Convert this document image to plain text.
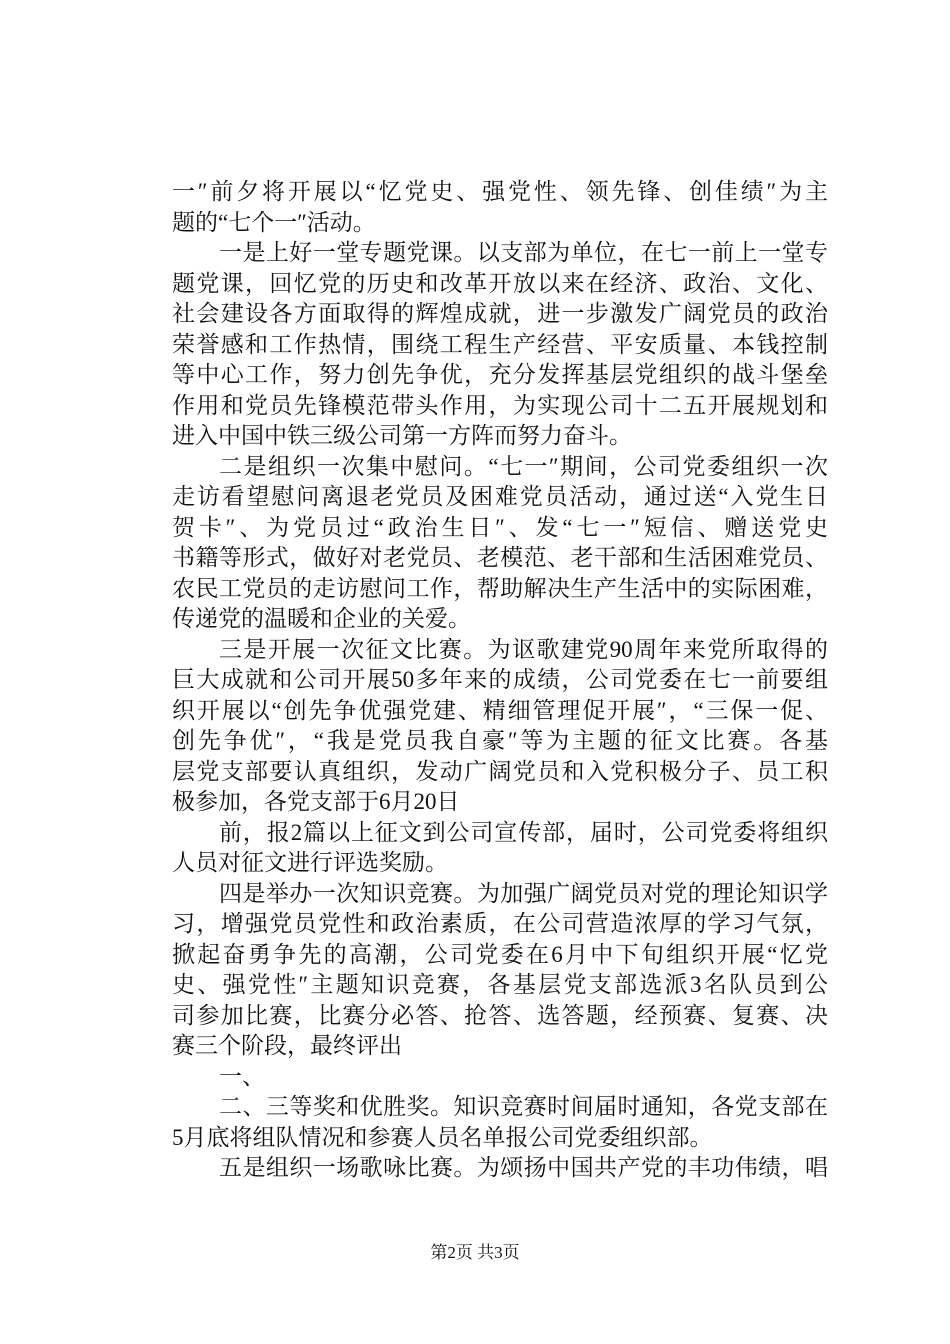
一″前夕将开展以“忆党史、强党性、领先锋、创佳绩″为主
题的“七个一″活动。
一是上好一堂专题党课。以支部为单位，在七一前上一堂专
题党课，回忆党的历史和改革开放以来在经济、政治、文化、
社会建设各方面取得的辉煌成就，进一步激发广阔党员的政治
荣誉感和工作热情，围绕工程生产经营、平安质量、本钱控制
等中心工作，努力创先争优，充分发挥基层党组织的战斗堡垒
作用和党员先锋模范带头作用，为实现公司十二五开展规划和
进入中国中铁三级公司第一方阵而努力奋斗。
二是组织一次集中慰问。“七一″期间，公司党委组织一次
走访看望慰问离退老党员及困难党员活动，通过送“入党生日
贺卡″、为党员过“政治生日″、发“七一″短信、赠送党史
书籍等形式，做好对老党员、老模范、老干部和生活困难党员、
农民工党员的走访慰问工作，帮助解决生产生活中的实际困难，
传递党的温暖和企业的关爱。
三是开展一次征文比赛。为讴歌建党90周年来党所取得的
巨大成就和公司开展50多年来的成绩，公司党委在七一前要组
织开展以“创先争优强党建、精细管理促开展″，“三保一促、
创先争优″，“我是党员我自豪″等为主题的征文比赛。各基
层党支部要认真组织，发动广阔党员和入党积极分子、员工积
极参加，各党支部于6月20日
前，报2篇以上征文到公司宣传部，届时，公司党委将组织
人员对征文进行评选奖励。
四是举办一次知识竞赛。为加强广阔党员对党的理论知识学
习，增强党员党性和政治素质，在公司营造浓厚的学习气氛，
掀起奋勇争先的高潮，公司党委在6月中下旬组织开展“忆党
史、强党性″主题知识竞赛，各基层党支部选派3名队员到公
司参加比赛，比赛分必答、抢答、选答题，经预赛、复赛、决
赛三个阶段，最终评出
一、
二、三等奖和优胜奖。知识竞赛时间届时通知，各党支部在
5月底将组队情况和参赛人员名单报公司党委组织部。
五是组织一场歌咏比赛。为颂扬中国共产党的丰功伟绩，唱
第2页 共3页
